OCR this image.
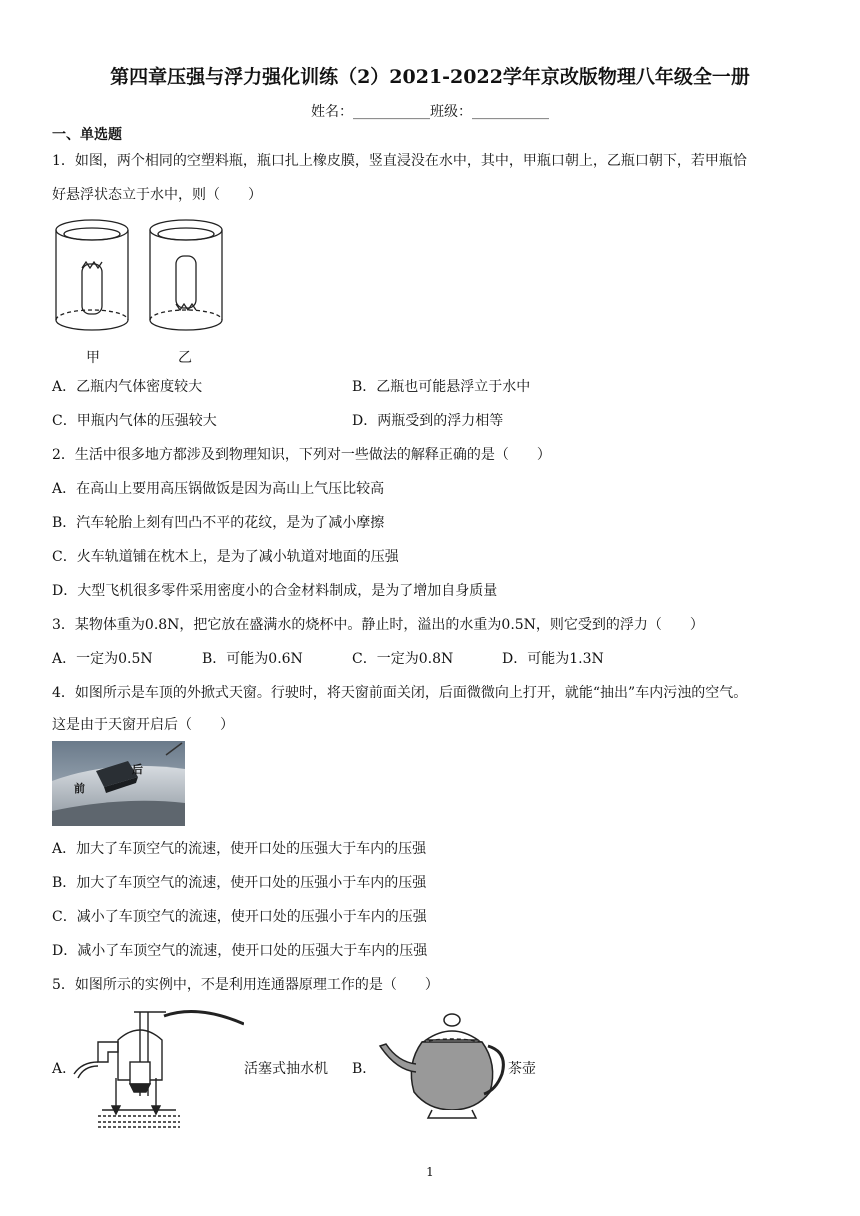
第四章压强与浮力强化训练（2）2021-2022学年京改版物理八年级全一册
姓名：___________班级：___________
一、单选题
1．如图，两个相同的空塑料瓶，瓶口扎上橡皮膜，竖直浸没在水中，其中，甲瓶口朝上，乙瓶口朝下，若甲瓶恰
好悬浮状态立于水中，则（　　）
甲	乙
A．乙瓶内气体密度较大	B．乙瓶也可能悬浮立于水中
C．甲瓶内气体的压强较大	D．两瓶受到的浮力相等
2．生活中很多地方都涉及到物理知识，下列对一些做法的解释正确的是（　　）
A．在高山上要用高压锅做饭是因为高山上气压比较高
B．汽车轮胎上刻有凹凸不平的花纹，是为了减小摩擦
C．火车轨道铺在枕木上，是为了减小轨道对地面的压强
D．大型飞机很多零件采用密度小的合金材料制成，是为了增加自身质量
3．某物体重为0.8N，把它放在盛满水的烧杯中。静止时，溢出的水重为0.5N，则它受到的浮力（　　）
A．一定为0.5N	B．可能为0.6N	C．一定为0.8N	D．可能为1.3N
4．如图所示是车顶的外掀式天窗。行驶时，将天窗前面关闭，后面微微向上打开，就能“抽出”车内污浊的空气。
这是由于天窗开启后（　　）
前
后
A．加大了车顶空气的流速，使开口处的压强大于车内的压强
B．加大了车顶空气的流速，使开口处的压强小于车内的压强
C．减小了车顶空气的流速，使开口处的压强小于车内的压强
D．减小了车顶空气的流速，使开口处的压强大于车内的压强
5．如图所示的实例中，不是利用连通器原理工作的是（　　）
A．	活塞式抽水机 B．	茶壶
1
